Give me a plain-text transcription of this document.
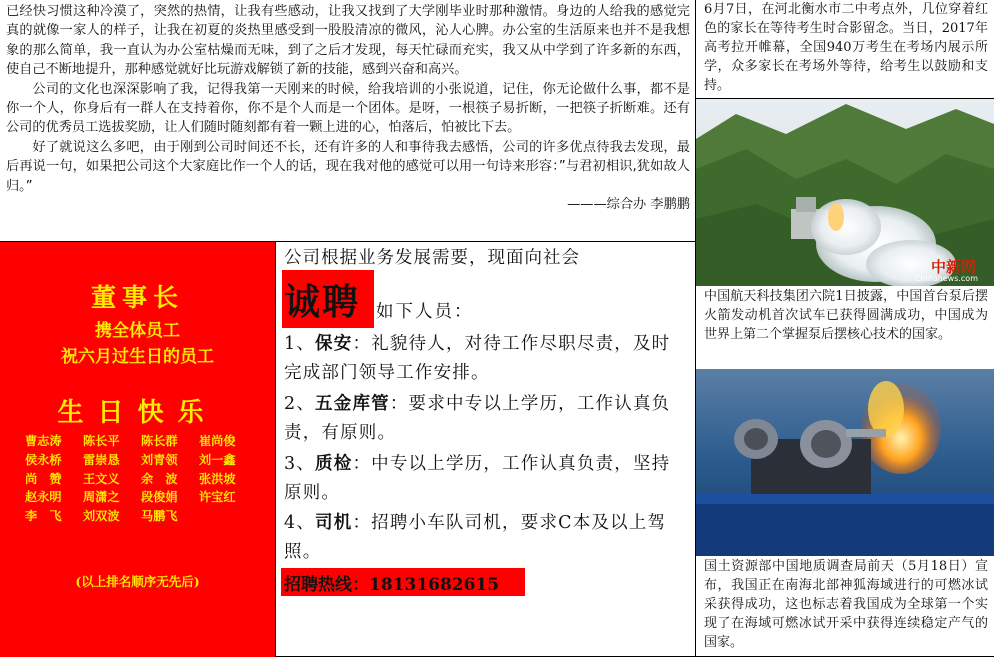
已经快习惯这种冷漠了，突然的热情，让我有些感动，让我又找到了大学刚毕业时那种激情。身边的人给我的感觉完真的就像一家人的样子，让我在初夏的炎热里感受到一股股清凉的微风，沁人心脾。办公室的生活原来也并不是我想象的那么简单，我一直认为办公室枯燥而无味，到了之后才发现，每天忙碌而充实，我又从中学到了许多新的东西，使自己不断地提升，那种感觉就好比玩游戏解锁了新的技能，感到兴奋和高兴。

公司的文化也深深影响了我，记得我第一天刚来的时候，给我培训的小张说道，记住，你无论做什么事，都不是你一个人，你身后有一群人在支持着你，你不是个人而是一个团体。是呀，一根筷子易折断，一把筷子折断难。还有公司的优秀员工选拔奖励，让人们随时随刻都有着一颗上进的心，怕落后，怕被比下去。

好了就说这么多吧，由于刚到公司时间还不长，还有许多的人和事待我去感悟，公司的许多优点待我去发现，最后再说一句，如果把公司这个大家庭比作一个人的话，现在我对他的感觉可以用一句诗来形容：”与君初相识,犹如故人归。”

———综合办 李鹏鹏

董事长
携全体员工
祝六月过生日的员工
生日快乐
曹志涛 陈长平 陈长群 崔尚俊侯永桥 雷崇恳 刘青领 刘一鑫尚　赞 王文义 余　波 张洪坡赵永明 周潇之 段俊娟 许宝红李　飞 刘双波 马鹏飞
(以上排名顺序无先后)
公司根据业务发展需要，现面向社会
诚聘 如下人员：
1、保安：礼貌待人，对待工作尽职尽责，及时完成部门领导工作安排。
2、五金库管：要求中专以上学历，工作认真负责，有原则。
3、质检：中专以上学历，工作认真负责，坚持原则。
4、司机：招聘小车队司机，要求C本及以上驾照。
招聘热线：18131682615
6月7日，在河北衡水市二中考点外，几位穿着红色的家长在等待考生时合影留念。当日，2017年高考拉开帷幕，全国940万考生在考场内展示所学，众多家长在考场外等待，给考生以鼓励和支持。
中新网
Chinanews.com
中国航天科技集团六院1日披露，中国首台泵后摆火箭发动机首次试车已获得圆满成功，中国成为世界上第二个掌握泵后摆核心技术的国家。
国土资源部中国地质调查局前天（5月18日）宣布，我国正在南海北部神狐海域进行的可燃冰试采获得成功，这也标志着我国成为全球第一个实现了在海域可燃冰试开采中获得连续稳定产气的国家。
